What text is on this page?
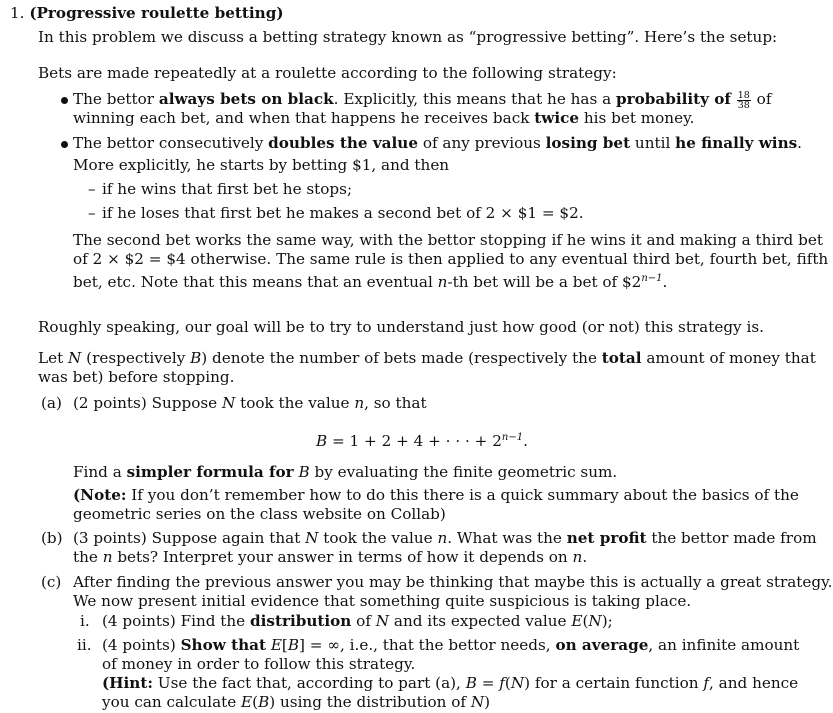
1. (Progressive roulette betting)
In this problem we discuss a betting strategy known as “progressive betting”. Here’s the setup:
Bets are made repeatedly at a roulette according to the following strategy:
The bettor always bets on black. Explicitly, this means that he has a probability of $\frac{18}{38}$ of
winning each bet, and when that happens he receives back twice his bet money.
The bettor consecutively doubles the value of any previous losing bet until he finally wins.
More explicitly, he starts by betting $1, and then
– if he wins that first bet he stops;
– if he loses that first bet he makes a second bet of 2 × $1 = $2.
The second bet works the same way, with the bettor stopping if he wins it and making a third bet
of 2 × $2 = $4 otherwise. The same rule is then applied to any eventual third bet, fourth bet, fifth
bet, etc. Note that this means that an eventual n-th bet will be a bet of $\$2^{n-1}$.
Roughly speaking, our goal will be to try to understand just how good (or not) this strategy is.
Let N (respectively B) denote the number of bets made (respectively the total amount of money that
was bet) before stopping.
(a) (2 points) Suppose N took the value n, so that
B = 1 + 2 + 4 + · · · + $2^{n-1}$.
Find a simpler formula for B by evaluating the finite geometric sum.
(Note: If you don’t remember how to do this there is a quick summary about the basics of the
geometric series on the class website on Collab)
(b) (3 points) Suppose again that N took the value n. What was the net profit the bettor made from
the n bets? Interpret your answer in terms of how it depends on n.
(c) After finding the previous answer you may be thinking that maybe this is actually a great strategy.
We now present initial evidence that something quite suspicious is taking place.
i. (4 points) Find the distribution of N and its expected value E(N);
ii. (4 points) Show that E[B] = ∞, i.e., that the bettor needs, on average, an infinite amount
of money in order to follow this strategy.
(Hint: Use the fact that, according to part (a), B = f(N) for a certain function f, and hence
you can calculate E(B) using the distribution of N)
